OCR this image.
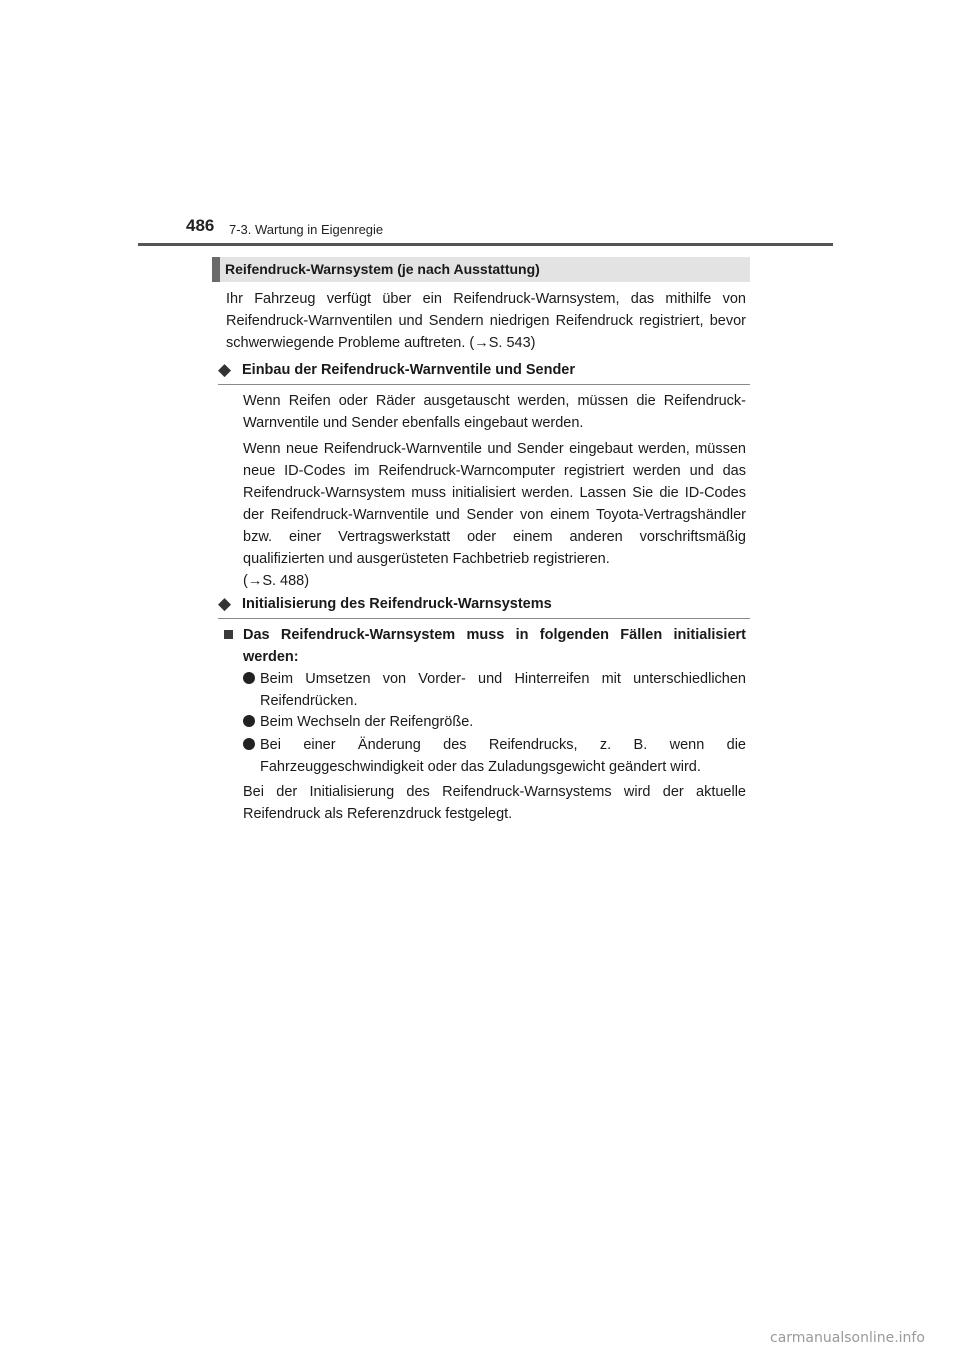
486 7-3. Wartung in Eigenregie
Reifendruck-Warnsystem (je nach Ausstattung)

Ihr Fahrzeug verfügt über ein Reifendruck-Warnsystem, das mithilfe von Reifendruck-Warnventilen und Sendern niedrigen Reifendruck registriert, bevor schwerwiegende Probleme auftreten. (→S. 543)

◆ Einbau der Reifendruck-Warnventile und Sender

Wenn Reifen oder Räder ausgetauscht werden, müssen die Reifendruck-Warnventile und Sender ebenfalls eingebaut werden.

Wenn neue Reifendruck-Warnventile und Sender eingebaut werden, müssen neue ID-Codes im Reifendruck-Warncomputer registriert werden und das Reifendruck-Warnsystem muss initialisiert werden. Lassen Sie die ID-Codes der Reifendruck-Warnventile und Sender von einem Toyota-Vertragshändler bzw. einer Vertragswerkstatt oder einem anderen vorschriftsmäßig qualifizierten und ausgerüsteten Fachbetrieb registrieren.
(→S. 488)

◆ Initialisierung des Reifendruck-Warnsystems

Das Reifendruck-Warnsystem muss in folgenden Fällen initialisiert werden:

Beim Umsetzen von Vorder- und Hinterreifen mit unterschiedlichen Reifendrücken.

Beim Wechseln der Reifengröße.

Bei einer Änderung des Reifendrucks, z. B. wenn die Fahrzeuggeschwindigkeit oder das Zuladungsgewicht geändert wird.

Bei der Initialisierung des Reifendruck-Warnsystems wird der aktuelle Reifendruck als Referenzdruck festgelegt.

carmanualsonline.info
